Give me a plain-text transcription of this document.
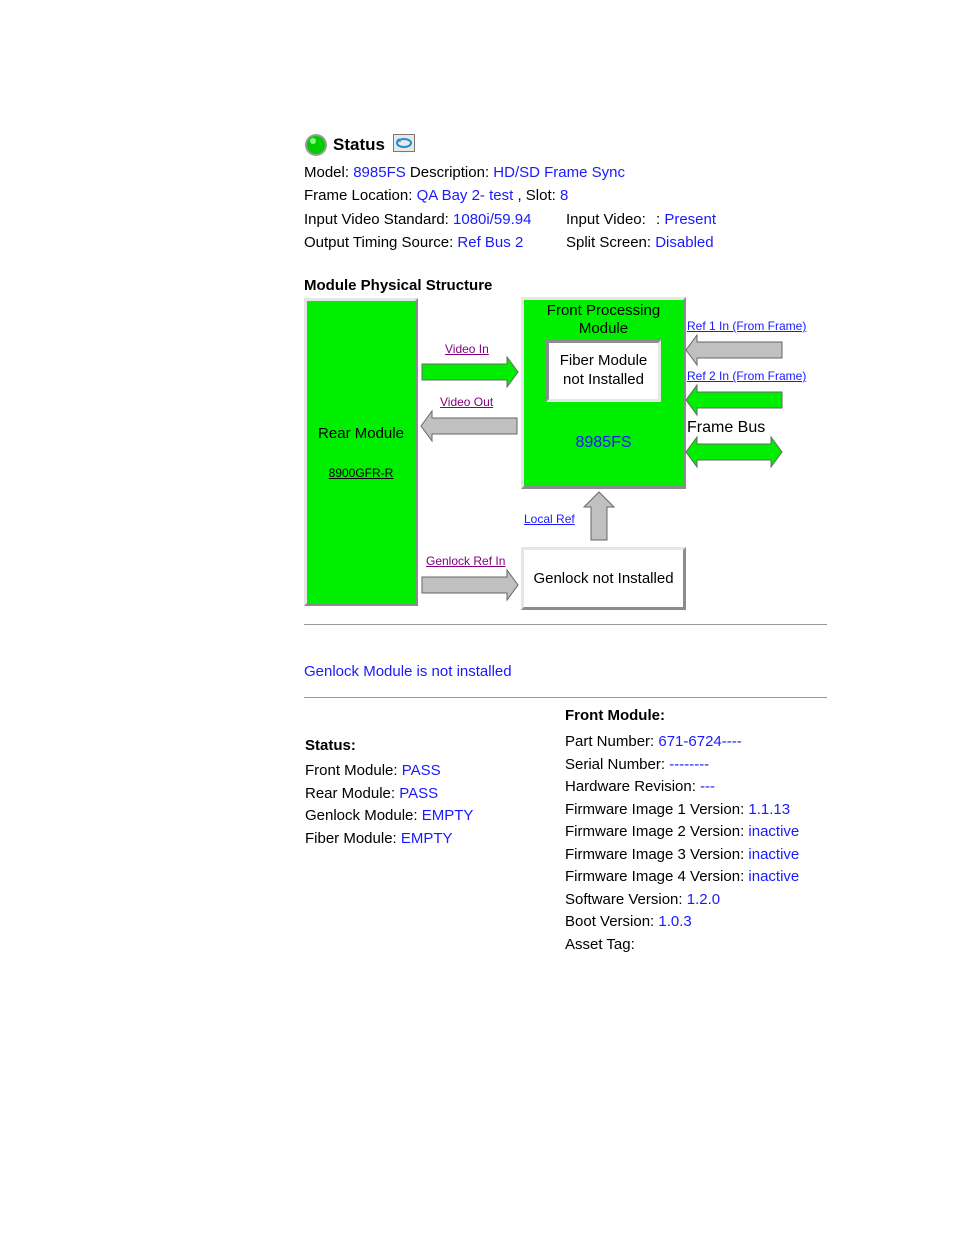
Status
Model: 8985FS Description: HD/SD Frame Sync
Frame Location: QA Bay 2- test , Slot: 8
Input Video Standard: 1080i/59.94 Input Video: : Present
Output Timing Source: Ref Bus 2	Split Screen: Disabled
Module Physical Structure
Rear Module
8900GFR-R
Front Processing
Module
Fiber Module
not Installed
8985FS
Genlock not Installed
Video In
Video Out
Ref 1 In (From Frame)
Ref 2 In (From Frame)
Frame Bus
Local Ref
Genlock Ref In
Genlock Module is not installed
Status:
Front Module: PASS
Rear Module: PASS
Genlock Module: EMPTY
Fiber Module: EMPTY
Front Module:
Part Number: 671-6724----
Serial Number: --------
Hardware Revision: ---
Firmware Image 1 Version: 1.1.13
Firmware Image 2 Version: inactive
Firmware Image 3 Version: inactive
Firmware Image 4 Version: inactive
Software Version: 1.2.0
Boot Version: 1.0.3
Asset Tag:
